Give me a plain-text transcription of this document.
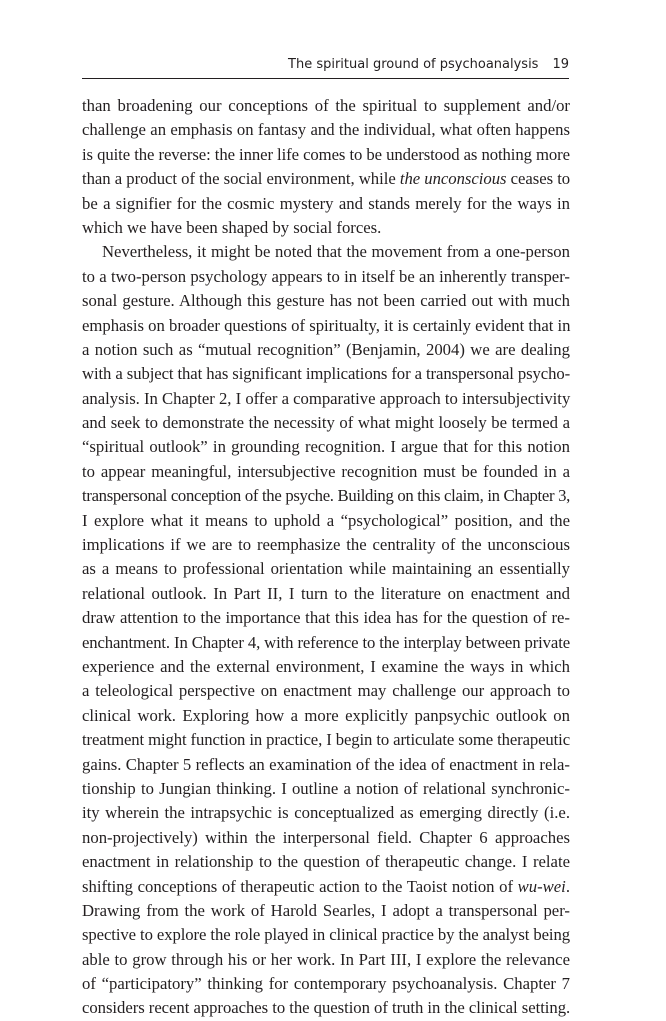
The spiritual ground of psychoanalysis 19
than broadening our conceptions of the spiritual to supplement and/or
challenge an emphasis on fantasy and the individual, what often happens
is quite the reverse: the inner life comes to be understood as nothing more
than a product of the social environment, while the unconscious ceases to
be a signifier for the cosmic mystery and stands merely for the ways in
which we have been shaped by social forces.
Nevertheless, it might be noted that the movement from a one-person
to a two-person psychology appears to in itself be an inherently transper-
sonal gesture. Although this gesture has not been carried out with much
emphasis on broader questions of spiritualty, it is certainly evident that in
a notion such as “mutual recognition” (Benjamin, 2004) we are dealing
with a subject that has significant implications for a transpersonal psycho-
analysis. In Chapter 2, I offer a comparative approach to intersubjectivity
and seek to demonstrate the necessity of what might loosely be termed a
“spiritual outlook” in grounding recognition. I argue that for this notion
to appear meaningful, intersubjective recognition must be founded in a
transpersonal conception of the psyche. Building on this claim, in Chapter 3,
I explore what it means to uphold a “psychological” position, and the
implications if we are to reemphasize the centrality of the unconscious
as a means to professional orientation while maintaining an essentially
relational outlook. In Part II, I turn to the literature on enactment and
draw attention to the importance that this idea has for the question of re-
enchantment. In Chapter 4, with reference to the interplay between private
experience and the external environment, I examine the ways in which
a teleological perspective on enactment may challenge our approach to
clinical work. Exploring how a more explicitly panpsychic outlook on
treatment might function in practice, I begin to articulate some therapeutic
gains. Chapter 5 reflects an examination of the idea of enactment in rela-
tionship to Jungian thinking. I outline a notion of relational synchronic-
ity wherein the intrapsychic is conceptualized as emerging directly (i.e.
non-projectively) within the interpersonal field. Chapter 6 approaches
enactment in relationship to the question of therapeutic change. I relate
shifting conceptions of therapeutic action to the Taoist notion of wu-wei.
Drawing from the work of Harold Searles, I adopt a transpersonal per-
spective to explore the role played in clinical practice by the analyst being
able to grow through his or her work. In Part III, I explore the relevance
of “participatory” thinking for contemporary psychoanalysis. Chapter 7
considers recent approaches to the question of truth in the clinical setting.
